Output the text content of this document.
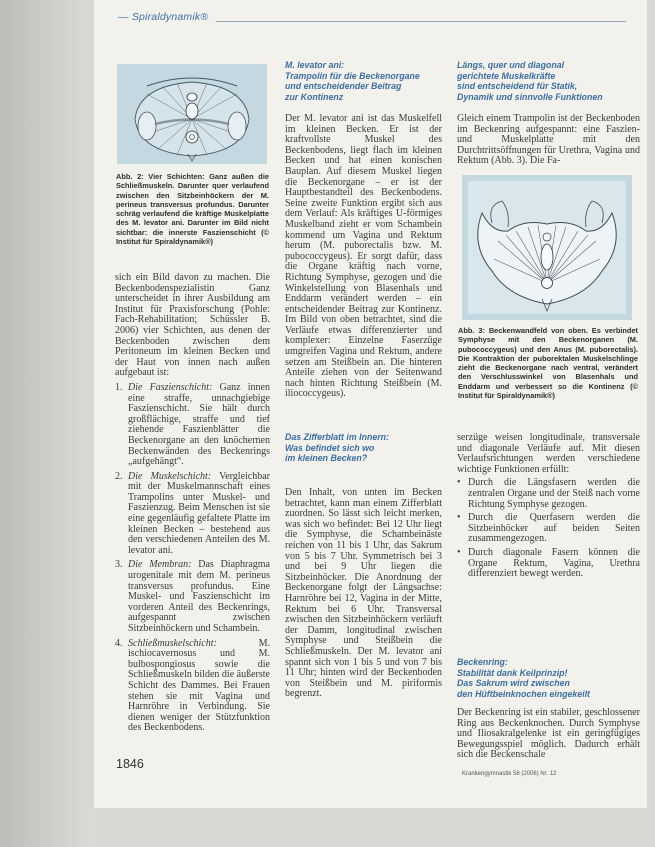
— Spiraldynamik®
Abb. 2: Vier Schichten: Ganz außen die Schließmuskeln. Darunter quer verlaufend zwischen den Sitzbeinhöckern der M. perineus transversus profundus. Darunter schräg verlaufend die kräftige Muskelplatte des M. levator ani. Darunter im Bild nicht sichtbar: die innerste Faszienschicht (© Institut für Spiraldynamik®)

sich ein Bild davon zu machen. Die Beckenbodenspezialistin Ganz unterscheidet in ihrer Ausbildung am Institut für Praxisforschung (Pohle: Fach-Rehabilitation; Schüssler B. 2006) vier Schichten, aus denen der Beckenboden zwischen dem Peritoneum im kleinen Becken und der Haut von innen nach außen aufgebaut ist:

1. Die Faszienschicht: Ganz innen eine straffe, unnachgiebige Faszienschicht. Sie hält durch großflächige, straffe und tief ziehende Faszienblätter die Beckenorgane an den knöchernen Beckenwänden des Beckenrings „aufgehängt“.
2. Die Muskelschicht: Vergleichbar mit der Muskelmannschaft eines Trampolins unter Muskel- und Faszienzug. Beim Menschen ist sie eine gegenläufig gefaltete Platte im kleinen Becken – bestehend aus den verschiedenen Anteilen des M. levator ani.
3. Die Membran: Das Diaphragma urogenitale mit dem M. perineus transversus profundus. Eine Muskel- und Faszienschicht im vorderen Anteil des Beckenrings, aufgespannt zwischen Sitzbeinhöckern und Schambein.
4. Schließmuskelschicht:	M. ischiocavernosus und M. bulbospongiosus sowie die Schließmuskeln bilden die äußerste Schicht des Dammes. Bei Frauen stehen sie mit Vagina und Harnröhre in Verbindung. Sie dienen weniger der Stützfunktion des Beckenbodens.
1846
M. levator ani:
Trampolin für die Beckenorgane
und entscheidender Beitrag
zur Kontinenz

Der M. levator ani ist das Muskelfell im kleinen Becken. Er ist der kraftvollste Muskel des Beckenbodens, liegt flach im kleinen Becken und hat einen konischen Bauplan. Auf diesem Muskel liegen die Beckenorgane – er ist der Hauptbestandteil des Beckenbodens. Seine zweite Funktion ergibt sich aus dem Verlauf: Als kräftiges U-förmiges Muskelband zieht er vom Schambein kommend um Vagina und Rektum herum (M. puborectalis bzw. M. pubococcygeus). Er sorgt dafür, dass die Organe kräftig nach vorne, Richtung Symphyse, gezogen und die Winkelstellung von Blasenhals und Enddarm verändert werden – ein entscheidender Beitrag zur Kontinenz. Im Bild von oben betrachtet, sind die Verläufe etwas differenzierter und komplexer: Einzelne Faserzüge umgreifen Vagina und Rektum, andere setzen am Steißbein an. Die hinteren Anteile ziehen von der Seitenwand nach hinten Richtung Steißbein (M. iliococcygeus).

Das Zifferblatt im Innern:
Was befindet sich wo
im kleinen Becken?

Den Inhalt, von unten im Becken betrachtet, kann man einem Zifferblatt zuordnen. So lässt sich leicht merken, was sich wo befindet: Bei 12 Uhr liegt die Symphyse, die Schambeinäste reichen von 11 bis 1 Uhr, das Sakrum von 5 bis 7 Uhr. Symmetrisch bei 3 und bei 9 Uhr liegen die Sitzbeinhöcker. Die Anordnung der Beckenorgane folgt der Längsachse: Harnröhre bei 12, Vagina in der Mitte, Rektum bei 6 Uhr. Transversal zwischen den Sitzbeinhöckern verläuft der Damm, longitudinal zwischen Symphyse und Steißbein die Schließmuskeln. Der M. levator ani spannt sich von 1 bis 5 und von 7 bis 11 Uhr; hinten wird der Beckenboden von Steißbein und M. piriformis begrenzt.

Längs, quer und diagonal
gerichtete Muskelkräfte
sind entscheidend für Statik,
Dynamik und sinnvolle Funktionen

Gleich einem Trampolin ist der Beckenboden im Beckenring aufgespannt: eine Faszien- und Muskelplatte mit den Durchtrittsöffnungen für Urethra, Vagina und Rektum (Abb. 3). Die Fa-

Abb. 3: Beckenwandfeld von oben. Es verbindet Symphyse mit den Beckenorganen (M. pubococcygeus) und den Anus (M. puborectalis). Die Kontraktion der puborektalen Muskelschlinge zieht die Beckenorgane nach ventral, verändert den Verschlusswinkel von Blasenhals und Enddarm und verbessert so die Kontinenz (© Institut für Spiraldynamik®)

serzüge weisen longitudinale, transversale und diagonale Verläufe auf. Mit diesen Verlaufsrichtungen werden verschiedene wichtige Funktionen erfüllt:

• Durch die Längsfasern werden die zentralen Organe und der Steiß nach vorne Richtung Symphyse gezogen.
• Durch die Querfasern werden die Sitzbeinhöcker auf beiden Seiten zusammengezogen.
• Durch diagonale Fasern können die Organe Rektum, Vagina, Urethra differenziert bewegt werden.
Beckenring:
Stabilität dank Keilprinzip!
Das Sakrum wird zwischen
den Hüftbeinknochen eingekeilt

Der Beckenring ist ein stabiler, geschlossener Ring aus Beckenknochen. Durch Symphyse und Iliosakralgelenke ist ein geringfügiges Bewegungsspiel möglich. Dadurch erhält sich die Beckenschale

Krankengymnastik 58 (2006) Nr. 12
